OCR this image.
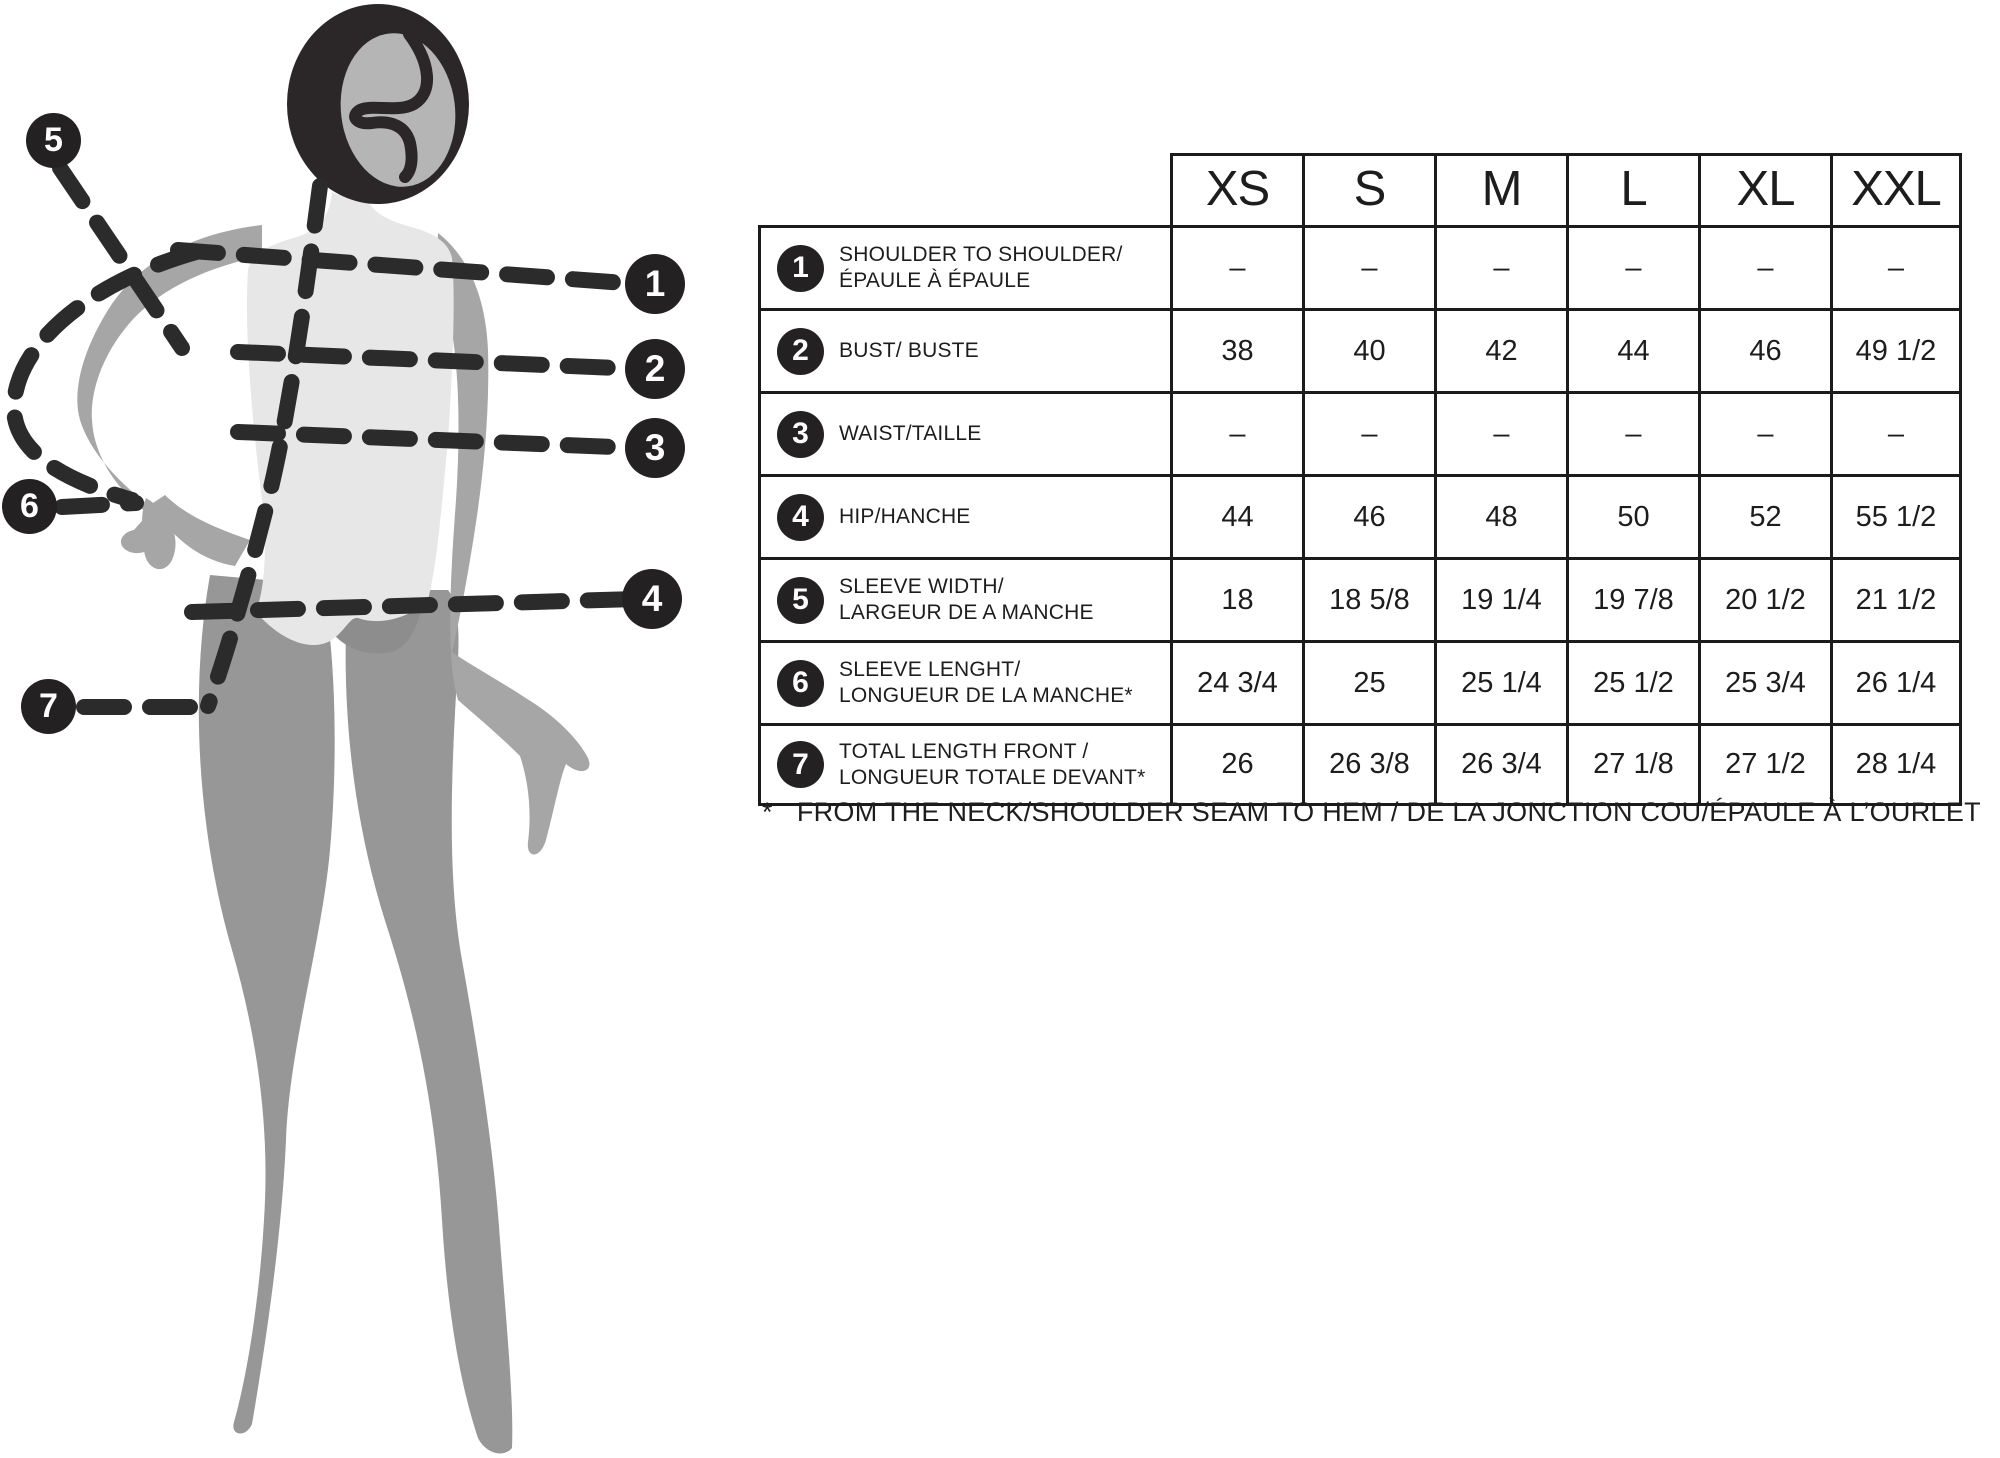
1
2
3
4
5
6
7
XS	S	M	L	XL	XXL
1	SHOULDER TO SHOULDER/
ÉPAULE À ÉPAULE	–	–	–	–	–	–
2	BUST/ BUSTE	38	40	42	44	46	49 1/2
3	WAIST/TAILLE	–	–	–	–	–	–
4	HIP/HANCHE	44	46	48	50	52	55 1/2
5	SLEEVE WIDTH/
LARGEUR DE A MANCHE	18	18 5/8	19 1/4	19 7/8	20 1/2	21 1/2
6	SLEEVE LENGHT/
LONGUEUR DE LA MANCHE*	24 3/4	25	25 1/4	25 1/2	25 3/4	26 1/4
7	TOTAL LENGTH FRONT /
LONGUEUR TOTALE DEVANT*	26	26 3/8	26 3/4	27 1/8	27 1/2	28 1/4
* FROM THE NECK/SHOULDER SEAM TO HEM / DE LA JONCTION COU/ÉPAULE À L’OURLET
